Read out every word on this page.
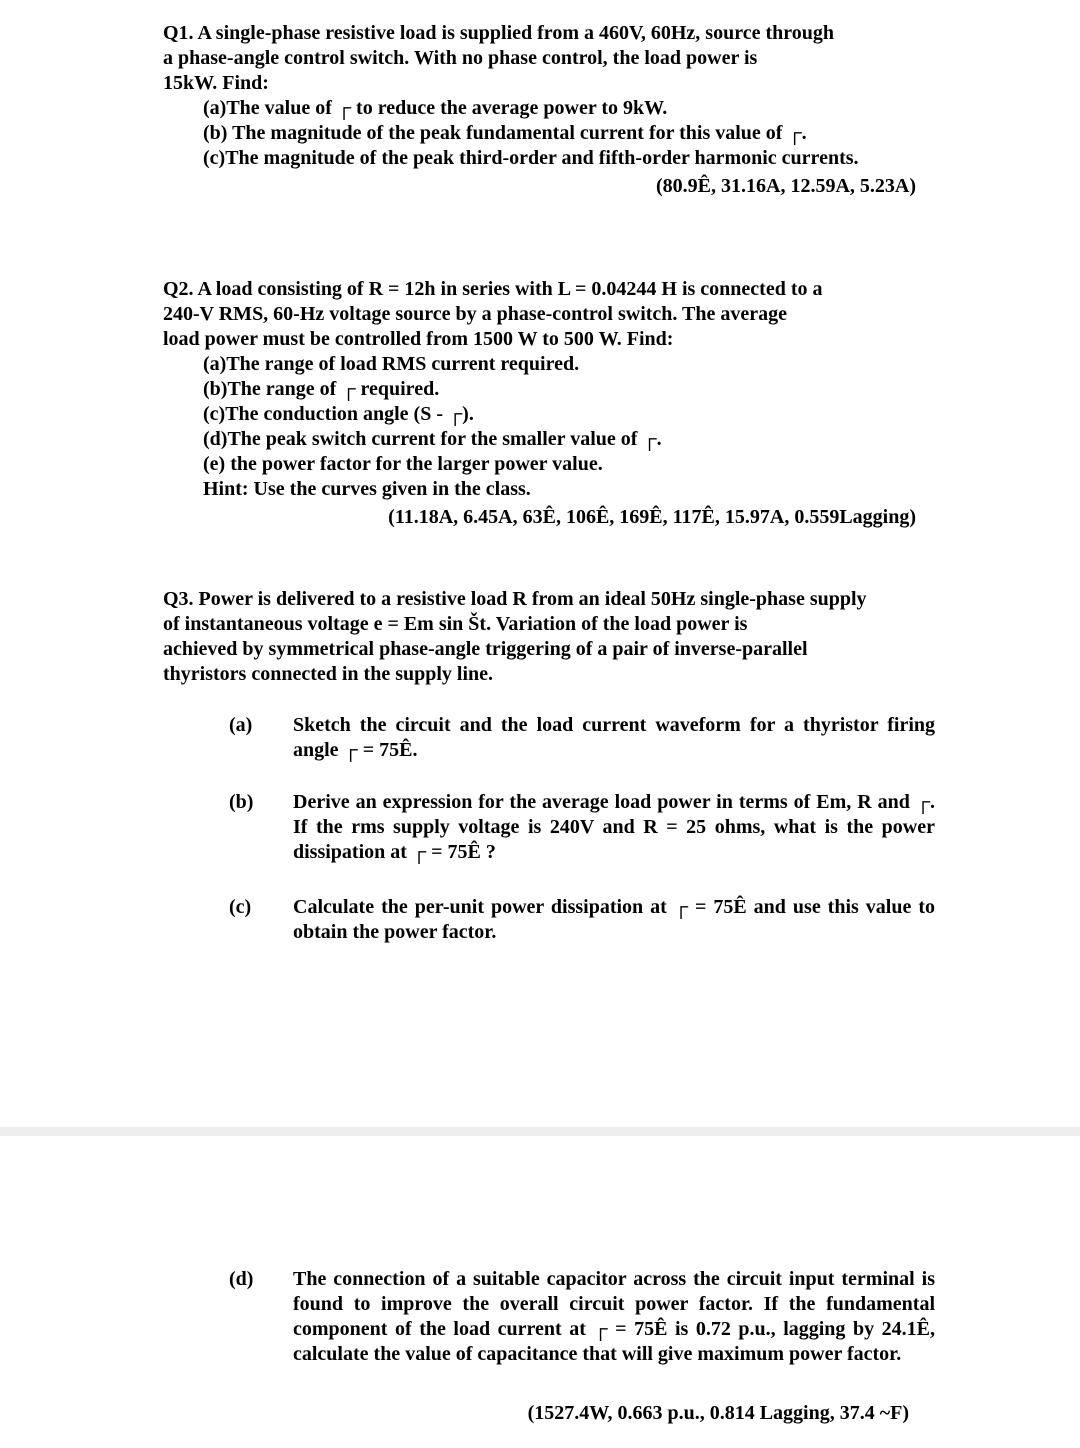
Q1. A single-phase resistive load is supplied from a 460V, 60Hz, source through
a phase-angle control switch. With no phase control, the load power is
15kW. Find:
(a)The value of ┌ to reduce the average power to 9kW.
(b) The magnitude of the peak fundamental current for this value of ┌.
(c)The magnitude of the peak third-order and fifth-order harmonic currents.
(80.9Ê, 31.16A, 12.59A, 5.23A)
Q2. A load consisting of R = 12h in series with L = 0.04244 H is connected to a
240-V RMS, 60-Hz voltage source by a phase-control switch. The average
load power must be controlled from 1500 W to 500 W. Find:
(a)The range of load RMS current required.
(b)The range of ┌ required.
(c)The conduction angle (S - ┌).
(d)The peak switch current for the smaller value of ┌.
(e) the power factor for the larger power value.
Hint: Use the curves given in the class.
(11.18A, 6.45A, 63Ê, 106Ê, 169Ê, 117Ê, 15.97A, 0.559Lagging)
Q3. Power is delivered to a resistive load R from an ideal 50Hz single-phase supply
of instantaneous voltage e = Em sin Št. Variation of the load power is
achieved by symmetrical phase-angle triggering of a pair of inverse-parallel
thyristors connected in the supply line.
(a) Sketch the circuit and the load current waveform for a thyristor firing angle ┌ = 75Ê.
(b) Derive an expression for the average load power in terms of Em, R and ┌. If the rms supply voltage is 240V and R = 25 ohms, what is the power dissipation at ┌ = 75Ê ?
(c) Calculate the per-unit power dissipation at ┌ = 75Ê and use this value to obtain the power factor.
(d) The connection of a suitable capacitor across the circuit input terminal is found to improve the overall circuit power factor. If the fundamental component of the load current at ┌ = 75Ê is 0.72 p.u., lagging by 24.1Ê, calculate the value of capacitance that will give maximum power factor.
(1527.4W, 0.663 p.u., 0.814 Lagging, 37.4 ~F)
